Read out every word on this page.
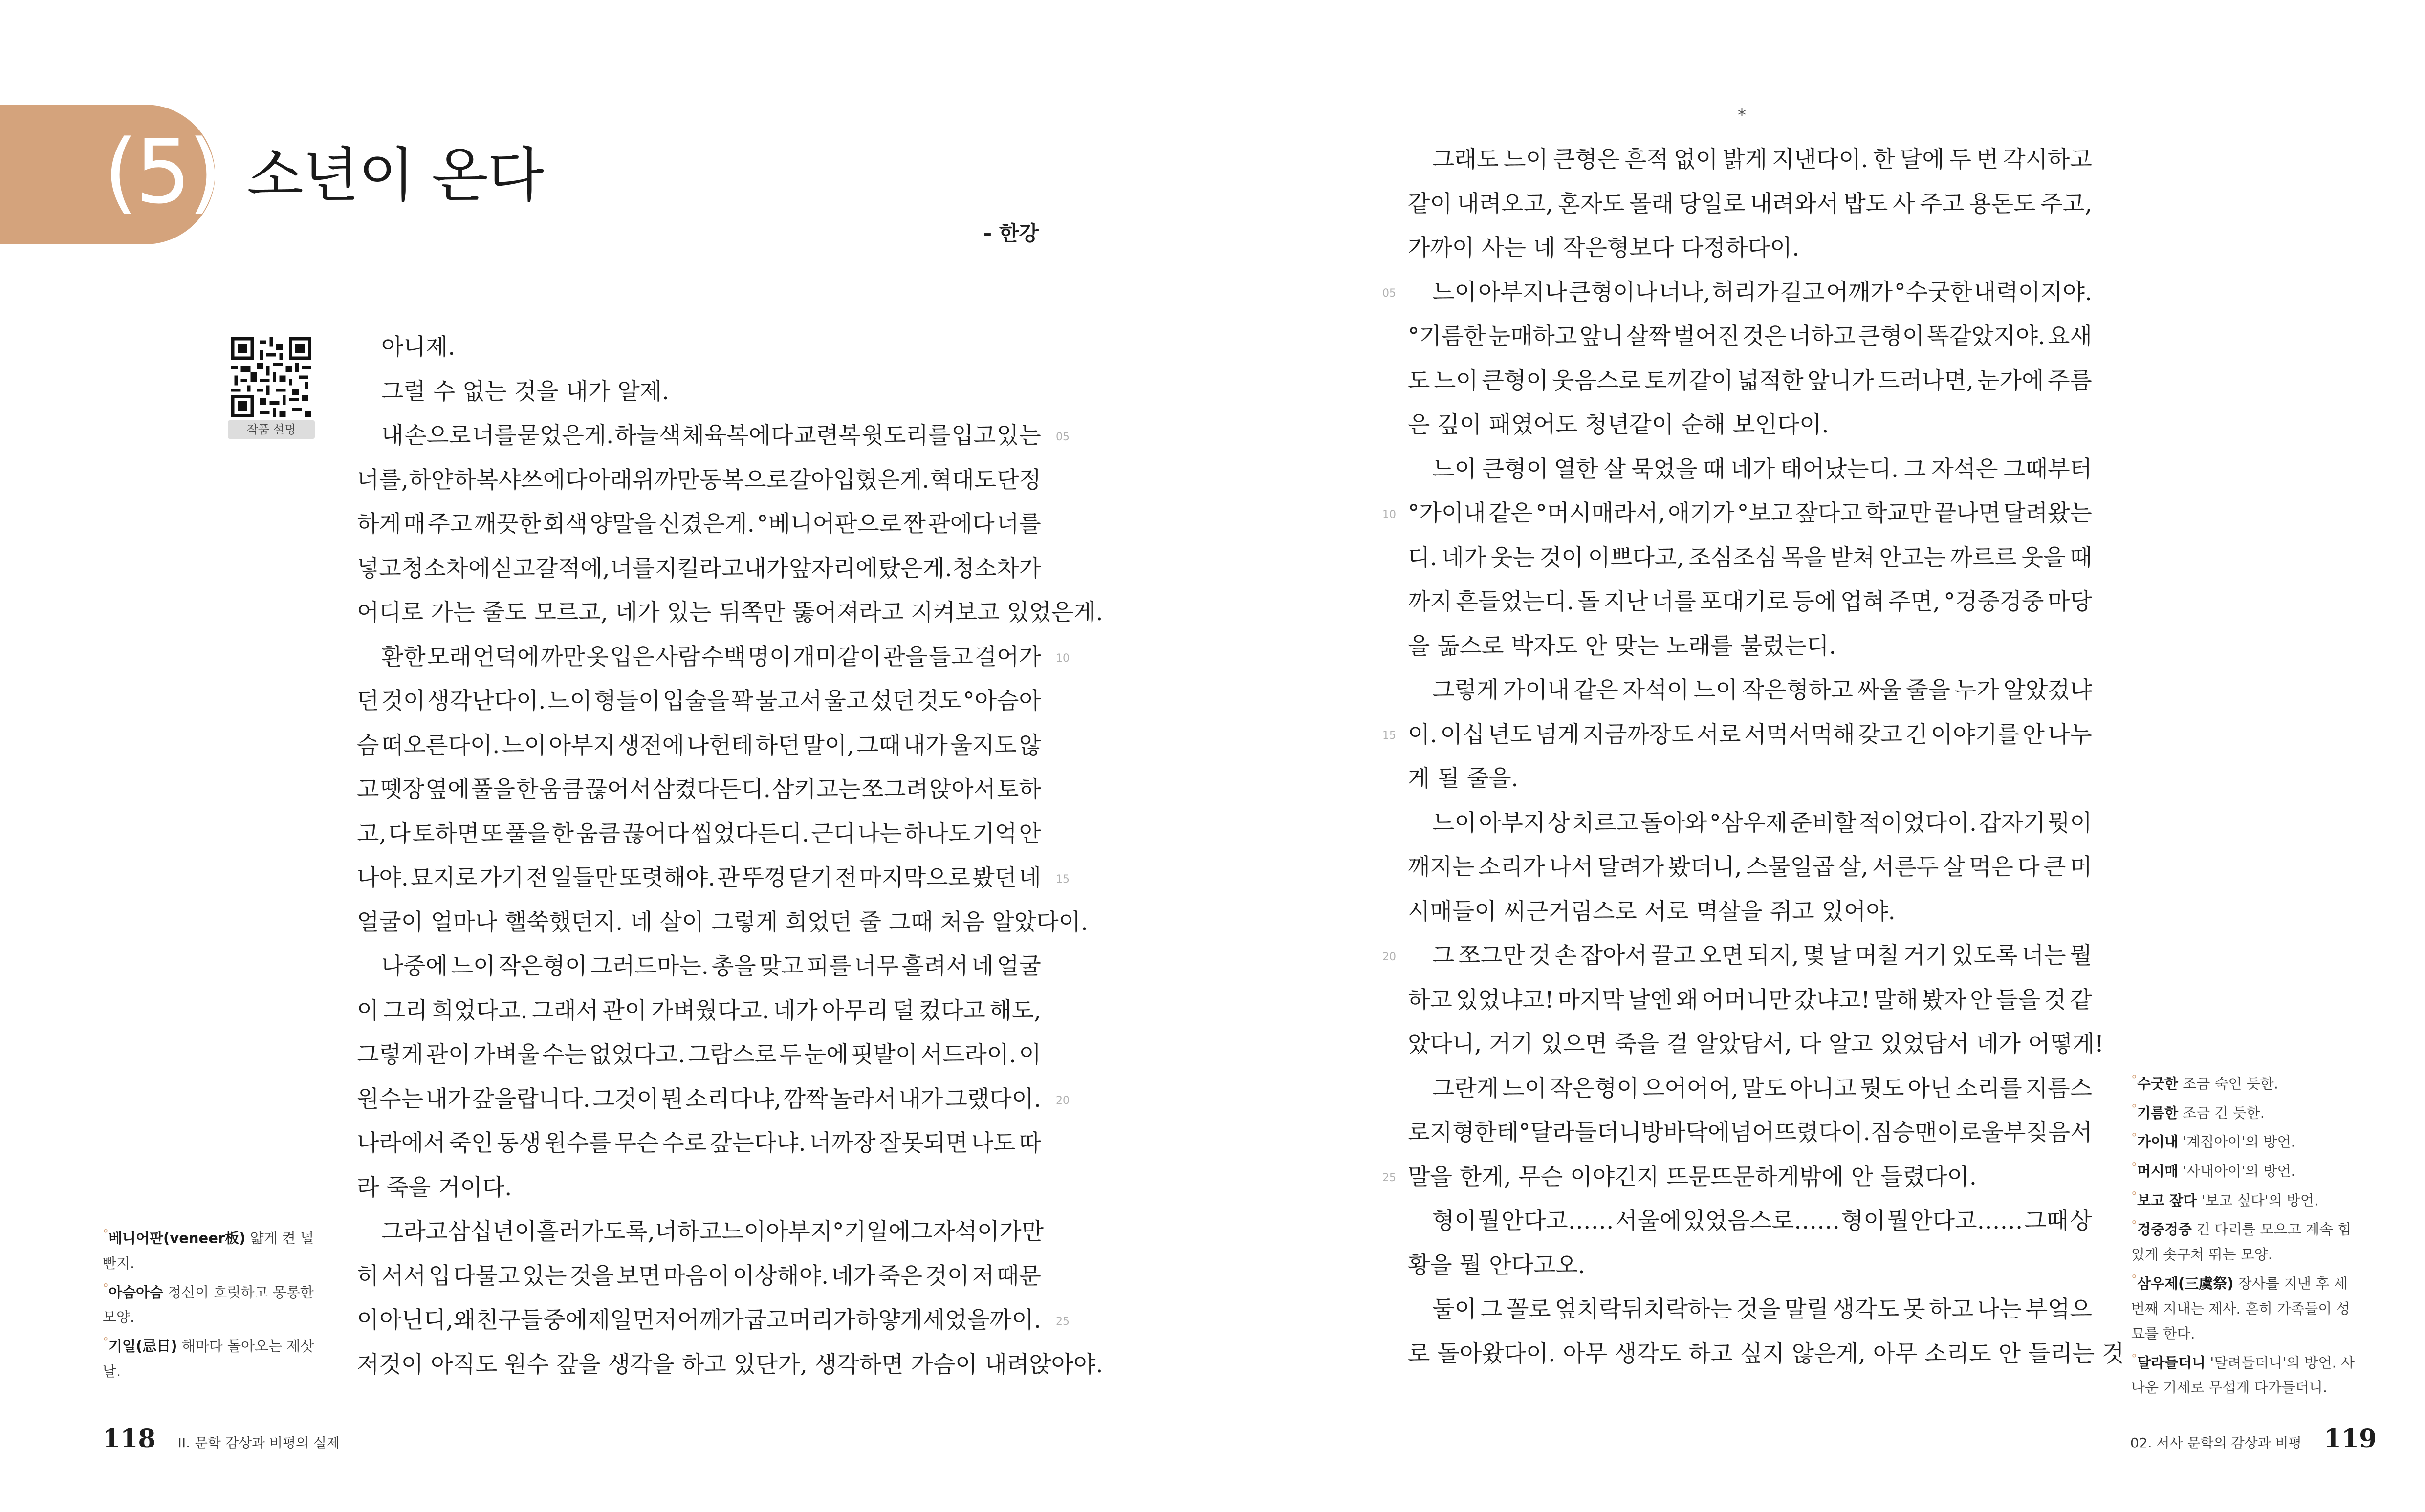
(5) 소년이 온다
- 한강
작품 설명
아니제.
그럴 수 없는 것을 내가 알제.
내 손으로 너를 묻었은게. 하늘색 체육복에다 교련복 윗도리를 입고 있는
너를, 하얀 하복 샤쓰에다 아래위 까만 동복으로 갈아입혔은게. 혁대도 단정
하게 매 주고 깨끗한 회색 양말을 신겼은게. °베니어판으로 짠 관에다 너를
넣고 청소차에 싣고 갈 적에, 너를 지킬라고 내가 앞자리에 탔은게. 청소차가
어디로 가는 줄도 모르고, 네가 있는 뒤쪽만 뚫어져라고 지켜보고 있었은게.
환한 모래 언덕에 까만 옷 입은 사람 수백 명이 개미같이 관을 들고 걸어가
던 것이 생각난다이. 느이 형들이 입술을 꽉 물고서 울고 섰던 것도 °아슴아
슴 떠오른다이. 느이 아부지 생전에 나헌테 하던 말이, 그때 내가 울지도 않
고 뗏장 옆에 풀을 한 움큼 끊어서 삼켰다든디. 삼키고는 쪼그려 앉아서 토하
고, 다 토하면 또 풀을 한 움큼 끊어다 씹었다든디. 근디 나는 하나도 기억 안
나야. 묘지로 가기 전 일들만 또렷해야. 관 뚜껑 닫기 전 마지막으로 봤던 네
얼굴이 얼마나 핼쑥했던지. 네 살이 그렇게 희었던 줄 그때 처음 알았다이.
나중에 느이 작은형이 그러드마는. 총을 맞고 피를 너무 흘려서 네 얼굴
이 그리 희었다고. 그래서 관이 가벼웠다고. 네가 아무리 덜 컸다고 해도,
그렇게 관이 가벼울 수는 없었다고. 그람스로 두 눈에 핏발이 서드라이. 이
원수는 내가 갚을랍니다. 그것이 뭔 소리다냐, 깜짝 놀라서 내가 그랬다이.
나라에서 죽인 동생 원수를 무슨 수로 갚는다냐. 너까장 잘못되면 나도 따
라 죽을 거이다.
그라고 삼십 년이 흘러가도록, 너하고 느이 아부지 °기일에 그 자석이 가만
히 서서 입 다물고 있는 것을 보면 마음이 이상해야. 네가 죽은 것이 저 때문
이 아닌디, 왜 친구들 중에 제일 먼저 어깨가 굽고 머리가 하얗게 세었을까이.
저것이 아직도 원수 갚을 생각을 하고 있단가, 생각하면 가슴이 내려앉아야.
*
그래도 느이 큰형은 흔적 없이 밝게 지낸다이. 한 달에 두 번 각시하고
같이 내려오고, 혼자도 몰래 당일로 내려와서 밥도 사 주고 용돈도 주고,
가까이 사는 네 작은형보다 다정하다이.
느이 아부지나 큰형이나 너나, 허리가 길고 어깨가 °수굿한 내력이지야.
°기름한 눈매하고 앞니 살짝 벌어진 것은 너하고 큰형이 똑같았지야. 요새
도 느이 큰형이 웃음스로 토끼같이 넓적한 앞니가 드러나면, 눈가에 주름
은 깊이 패였어도 청년같이 순해 보인다이.
느이 큰형이 열한 살 묵었을 때 네가 태어났는디. 그 자석은 그때부터
°가이내 같은 °머시매라서, 애기가 °보고 잪다고 학교만 끝나면 달려왔는
디. 네가 웃는 것이 이쁘다고, 조심조심 목을 받쳐 안고는 까르르 웃을 때
까지 흔들었는디. 돌 지난 너를 포대기로 등에 업혀 주면, °겅중겅중 마당
을 돎스로 박자도 안 맞는 노래를 불렀는디.
그렇게 가이내 같은 자석이 느이 작은형하고 싸울 줄을 누가 알았겄냐
이. 이십 년도 넘게 지금까장도 서로 서먹서먹해 갖고 긴 이야기를 안 나누
게 될 줄을.
느이 아부지 상 치르고 돌아와 °삼우제 준비할 적이었다이. 갑자기 뭣이
깨지는 소리가 나서 달려가 봤더니, 스물일곱 살, 서른두 살 먹은 다 큰 머
시매들이 씨근거림스로 서로 멱살을 쥐고 있어야.
그 쪼그만 것 손 잡아서 끌고 오면 되지, 몇 날 며칠 거기 있도록 너는 뭘
하고 있었냐고! 마지막 날엔 왜 어머니만 갔냐고! 말해 봤자 안 들을 것 같
았다니, 거기 있으면 죽을 걸 알았담서, 다 알고 있었담서 네가 어떻게!
그란게 느이 작은형이 으어어어, 말도 아니고 뭣도 아닌 소리를 지름스
로 지 형한테 °달라들더니 방바닥에 넘어뜨렸다이. 짐승맨이로 울부짖음서
말을 한게, 무슨 이야긴지 뜨문뜨문하게밖에 안 들렸다이.
형이 뭘 안다고…… 서울에 있었음스로…… 형이 뭘 안다고…… 그때 상
황을 뭘 안다고오.
둘이 그 꼴로 엎치락뒤치락하는 것을 말릴 생각도 못 하고 나는 부엌으
로 돌아왔다이. 아무 생각도 하고 싶지 않은게, 아무 소리도 안 들리는 것
05
10
15
20
25
05
10
15
20
25
°베니어판(veneer板) 얇게 켠 널빤지.
°아슴아슴 정신이 흐릿하고 몽롱한 모양.
°기일(忌日) 해마다 돌아오는 제삿날.
°수굿한 조금 숙인 듯한.
°기름한 조금 긴 듯한.
°가이내 '계집아이'의 방언.
°머시매 '사내아이'의 방언.
°보고 잪다 '보고 싶다'의 방언.
°겅중겅중 긴 다리를 모으고 계속 힘 있게 솟구쳐 뛰는 모양.
°삼우제(三虞祭) 장사를 지낸 후 세 번째 지내는 제사. 흔히 가족들이 성묘를 한다.
°달라들더니 '달려들더니'의 방언. 사나운 기세로 무섭게 다가들더니.
118 II. 문학 감상과 비평의 실제	02. 서사 문학의 감상과 비평 119
